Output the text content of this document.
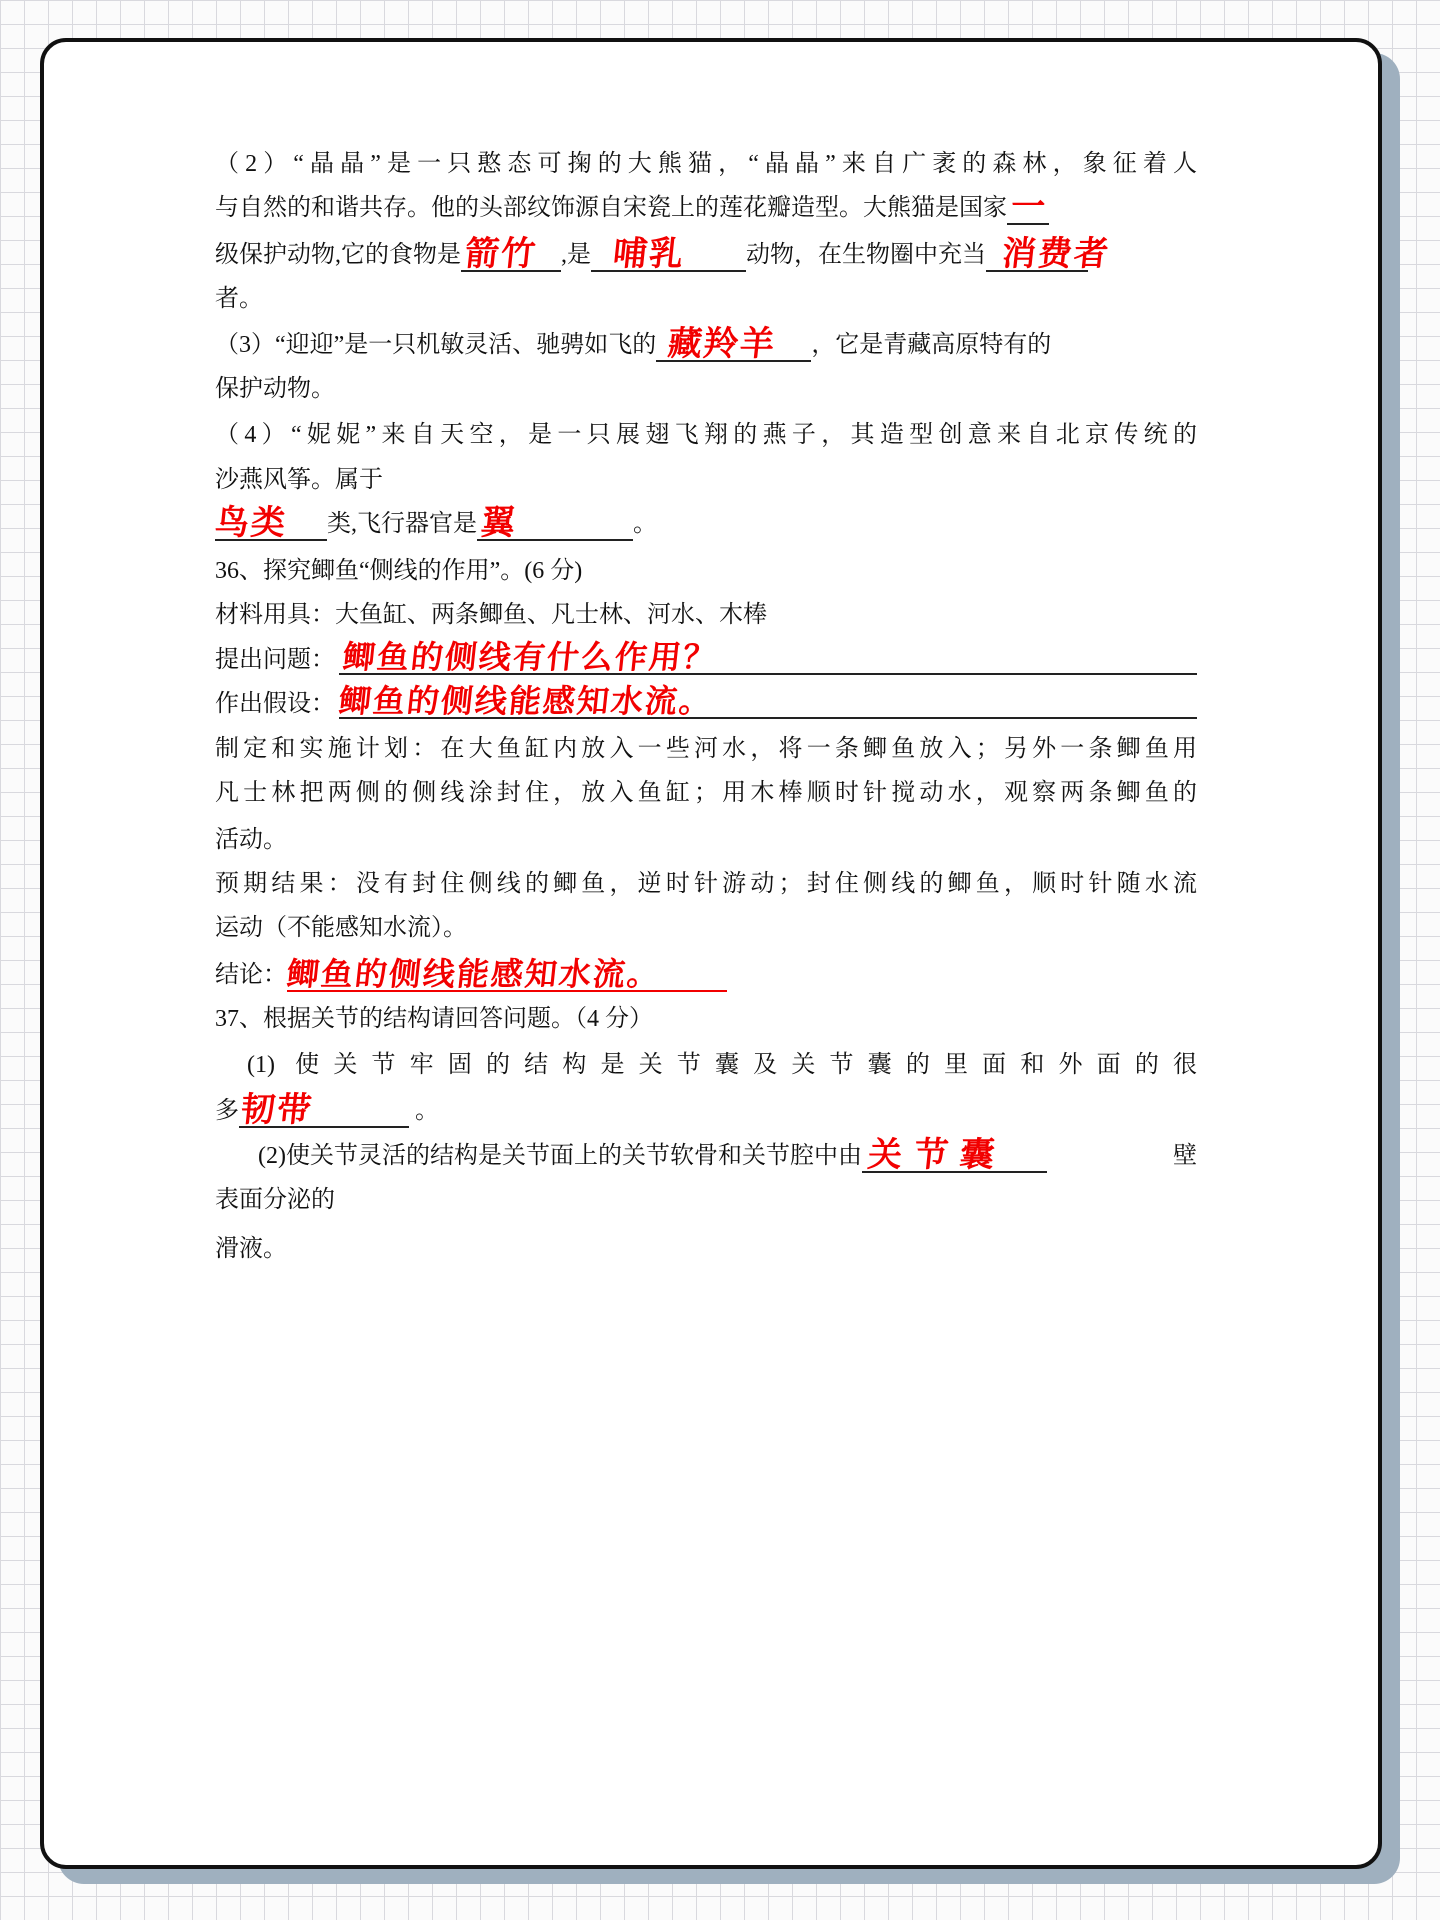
（2）“晶晶”是一只憨态可掬的大熊猫，“晶晶”来自广袤的森林，象征着人
与自然的和谐共存。他的头部纹饰源自宋瓷上的莲花瓣造型。大熊猫是国家 一
级保护动物,它的食物是 箭竹 ,是 哺乳 动物，在生物圈中充当 消费者
者。
（3）“迎迎”是一只机敏灵活、驰骋如飞的 藏羚羊 ，它是青藏高原特有的
保护动物。
（4）“妮妮”来自天空，是一只展翅飞翔的燕子，其造型创意来自北京传统的
沙燕风筝。属于
鸟类 类,飞行器官是 翼	。
36、探究鲫鱼“侧线的作用”。(6 分)
材料用具：大鱼缸、两条鲫鱼、凡士林、河水、木棒
提出问题： 鲫鱼的侧线有什么作用？
作出假设： 鲫鱼的侧线能感知水流。
制定和实施计划：在大鱼缸内放入一些河水，将一条鲫鱼放入；另外一条鲫鱼用
凡士林把两侧的侧线涂封住，放入鱼缸；用木棒顺时针搅动水，观察两条鲫鱼的
活动。
预期结果：没有封住侧线的鲫鱼，逆时针游动；封住侧线的鲫鱼，顺时针随水流
运动（不能感知水流）。
结论：
鲫鱼的侧线能感知水流。
37、根据关节的结构请回答问题。（4 分）
(1) 使关节牢固的结构是关节囊及关节囊的里面和外面的很
多 韧带	。
(2)使关节灵活的结构是关节面上的关节软骨和关节腔中由 关节囊	壁
表面分泌的
滑液。
